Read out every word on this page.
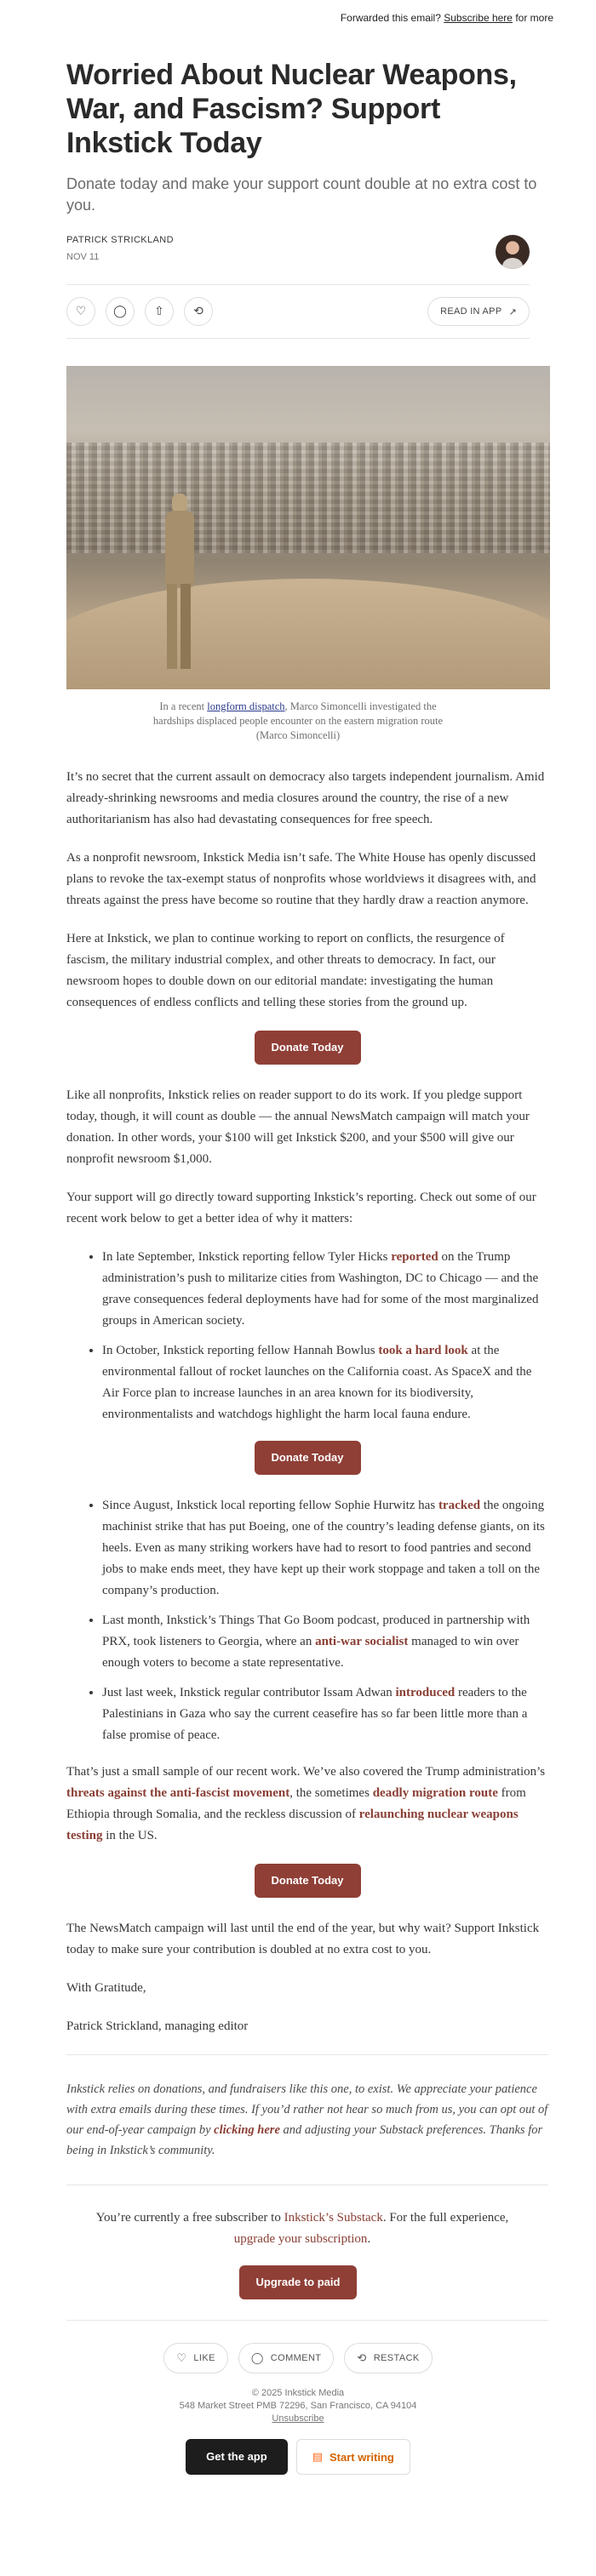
Forwarded this email? Subscribe here for more
Worried About Nuclear Weapons, War, and Fascism? Support Inkstick Today
Donate today and make your support count double at no extra cost to you.
PATRICK STRICKLAND
NOV 11
♡	◯	⇧	⟲	READ IN APP ↗
In a recent longform dispatch, Marco Simoncelli investigated the hardships displaced people encounter on the eastern migration route (Marco Simoncelli)

It’s no secret that the current assault on democracy also targets independent journalism. Amid already-shrinking newsrooms and media closures around the country, the rise of a new authoritarianism has also had devastating consequences for free speech.

As a nonprofit newsroom, Inkstick Media isn’t safe. The White House has openly discussed plans to revoke the tax-exempt status of nonprofits whose worldviews it disagrees with, and threats against the press have become so routine that they hardly draw a reaction anymore.

Here at Inkstick, we plan to continue working to report on conflicts, the resurgence of fascism, the military industrial complex, and other threats to democracy. In fact, our newsroom hopes to double down on our editorial mandate: investigating the human consequences of endless conflicts and telling these stories from the ground up.

Donate Today

Like all nonprofits, Inkstick relies on reader support to do its work. If you pledge support today, though, it will count as double — the annual NewsMatch campaign will match your donation. In other words, your $100 will get Inkstick $200, and your $500 will give our nonprofit newsroom $1,000.

Your support will go directly toward supporting Inkstick’s reporting. Check out some of our recent work below to get a better idea of why it matters:

• In late September, Inkstick reporting fellow Tyler Hicks reported on the Trump administration’s push to militarize cities from Washington, DC to Chicago — and the grave consequences federal deployments have had for some of the most marginalized groups in American society.
• In October, Inkstick reporting fellow Hannah Bowlus took a hard look at the environmental fallout of rocket launches on the California coast. As SpaceX and the Air Force plan to increase launches in an area known for its biodiversity, environmentalists and watchdogs highlight the harm local fauna endure.
Donate Today
• Since August, Inkstick local reporting fellow Sophie Hurwitz has tracked the ongoing machinist strike that has put Boeing, one of the country’s leading defense giants, on its heels. Even as many striking workers have had to resort to food pantries and second jobs to make ends meet, they have kept up their work stoppage and taken a toll on the company’s production.
• Last month, Inkstick’s Things That Go Boom podcast, produced in partnership with PRX, took listeners to Georgia, where an anti-war socialist managed to win over enough voters to become a state representative.
• Just last week, Inkstick regular contributor Issam Adwan introduced readers to the Palestinians in Gaza who say the current ceasefire has so far been little more than a false promise of peace.

That’s just a small sample of our recent work. We’ve also covered the Trump administration’s threats against the anti-fascist movement, the sometimes deadly migration route from Ethiopia through Somalia, and the reckless discussion of relaunching nuclear weapons testing in the US.

Donate Today

The NewsMatch campaign will last until the end of the year, but why wait? Support Inkstick today to make sure your contribution is doubled at no extra cost to you.

With Gratitude,

Patrick Strickland, managing editor

Inkstick relies on donations, and fundraisers like this one, to exist. We appreciate your patience with extra emails during these times. If you’d rather not hear so much from us, you can opt out of our end-of-year campaign by clicking here and adjusting your Substack preferences. Thanks for being in Inkstick’s community.
You’re currently a free subscriber to Inkstick’s Substack. For the full experience, upgrade your subscription.
Upgrade to paid
♡ LIKE	◯ COMMENT	⟲ RESTACK
© 2025 Inkstick Media
548 Market Street PMB 72296, San Francisco, CA 94104
Unsubscribe
Get the app	▤ Start writing
